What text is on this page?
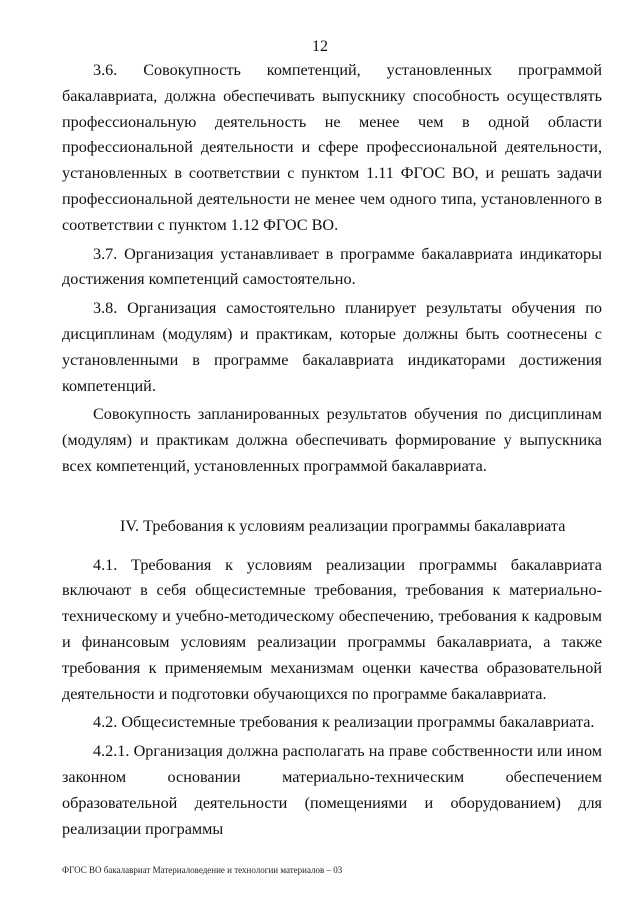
12

3.6. Совокупность компетенций, установленных программой бакалавриата, должна обеспечивать выпускнику способность осуществлять профессиональную деятельность не менее чем в одной области профессиональной деятельности и сфере профессиональной деятельности, установленных в соответствии с пунктом 1.11 ФГОС ВО, и решать задачи профессиональной деятельности не менее чем одного типа, установленного в соответствии с пунктом 1.12 ФГОС ВО.

3.7. Организация устанавливает в программе бакалавриата индикаторы достижения компетенций самостоятельно.

3.8. Организация самостоятельно планирует результаты обучения по дисциплинам (модулям) и практикам, которые должны быть соотнесены с установленными в программе бакалавриата индикаторами достижения компетенций.

Совокупность запланированных результатов обучения по дисциплинам (модулям) и практикам должна обеспечивать формирование у выпускника всех компетенций, установленных программой бакалавриата.

IV. Требования к условиям реализации программы бакалавриата

4.1. Требования к условиям реализации программы бакалавриата включают в себя общесистемные требования, требования к материально-техническому и учебно-методическому обеспечению, требования к кадровым и финансовым условиям реализации программы бакалавриата, а также требования к применяемым механизмам оценки качества образовательной деятельности и подготовки обучающихся по программе бакалавриата.

4.2. Общесистемные требования к реализации программы бакалавриата.

4.2.1. Организация должна располагать на праве собственности или ином законном основании материально-техническим обеспечением образовательной деятельности (помещениями и оборудованием) для реализации программы

ФГОС ВО бакалавриат Материаловедение и технологии материалов – 03
